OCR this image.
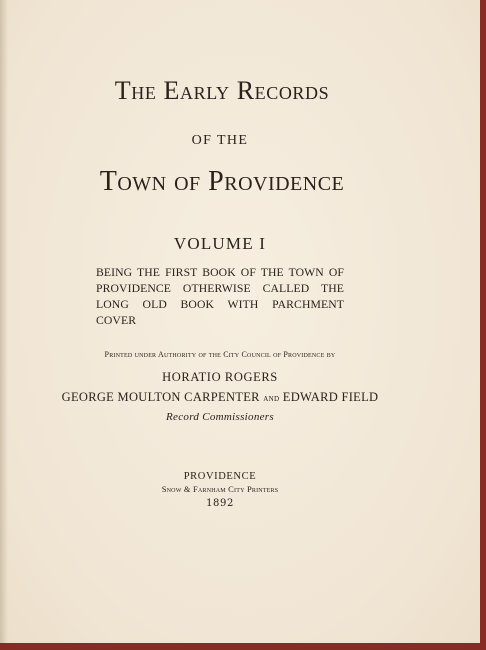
The Early Records

OF THE

Town of Providence

VOLUME I

BEING THE FIRST BOOK OF THE TOWN OF
PROVIDENCE OTHERWISE CALLED THE
LONG OLD BOOK WITH PARCHMENT COVER

Printed under Authority of the City Council of Providence by

HORATIO ROGERS

GEORGE MOULTON CARPENTER and EDWARD FIELD

Record Commissioners

PROVIDENCE

Snow & Farnham City Printers

1892
